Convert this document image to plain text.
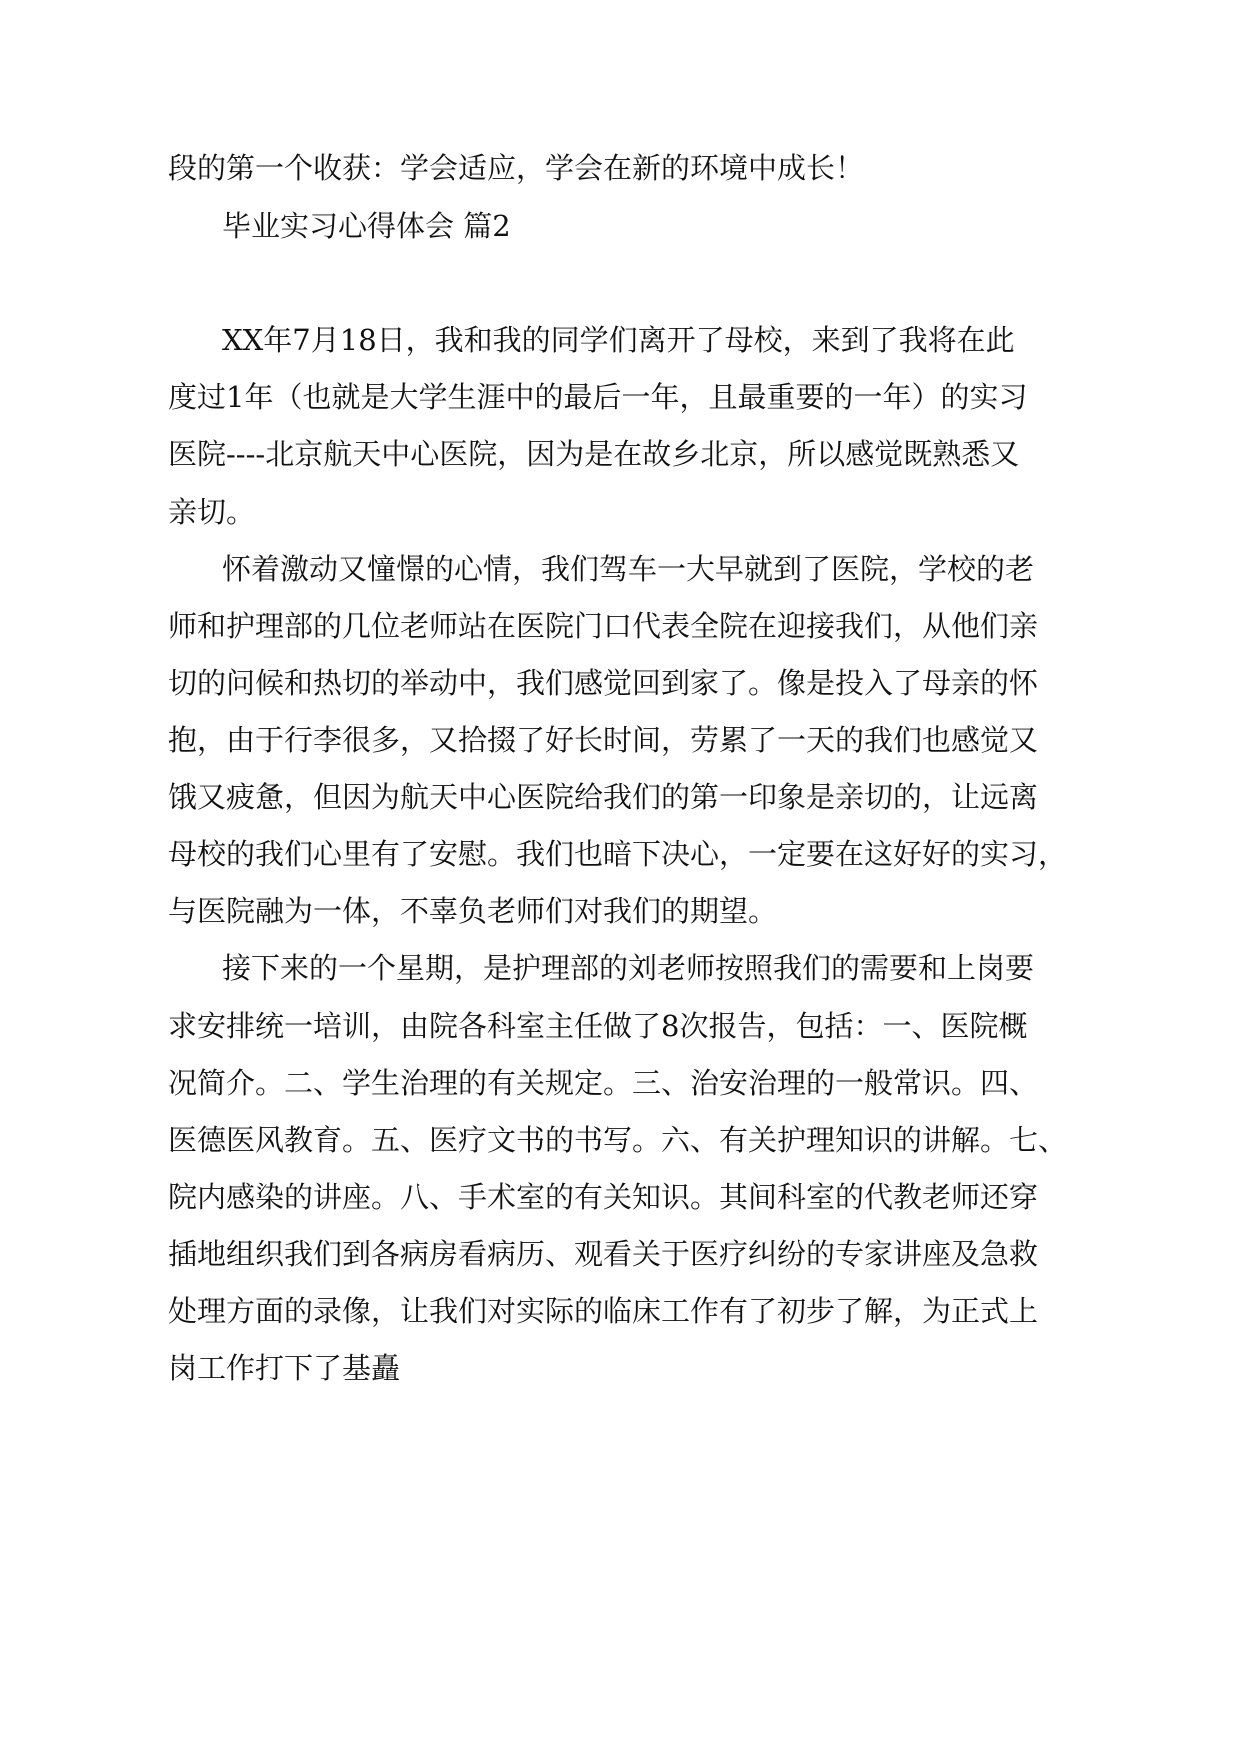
段的第一个收获：学会适应，学会在新的环境中成长！
毕业实习心得体会 篇2
XX年7月18日，我和我的同学们离开了母校，来到了我将在此
度过1年（也就是大学生涯中的最后一年，且最重要的一年）的实习
医院----北京航天中心医院，因为是在故乡北京，所以感觉既熟悉又
亲切。
怀着激动又憧憬的心情，我们驾车一大早就到了医院，学校的老
师和护理部的几位老师站在医院门口代表全院在迎接我们，从他们亲
切的问候和热切的举动中，我们感觉回到家了。像是投入了母亲的怀
抱，由于行李很多，又拾掇了好长时间，劳累了一天的我们也感觉又
饿又疲惫，但因为航天中心医院给我们的第一印象是亲切的，让远离
母校的我们心里有了安慰。我们也暗下决心，一定要在这好好的实习，
与医院融为一体，不辜负老师们对我们的期望。
接下来的一个星期，是护理部的刘老师按照我们的需要和上岗要
求安排统一培训，由院各科室主任做了8次报告，包括：一、医院概
况简介。二、学生治理的有关规定。三、治安治理的一般常识。四、
医德医风教育。五、医疗文书的书写。六、有关护理知识的讲解。七、
院内感染的讲座。八、手术室的有关知识。其间科室的代教老师还穿
插地组织我们到各病房看病历、观看关于医疗纠纷的专家讲座及急救
处理方面的录像，让我们对实际的临床工作有了初步了解，为正式上
岗工作打下了基矗
